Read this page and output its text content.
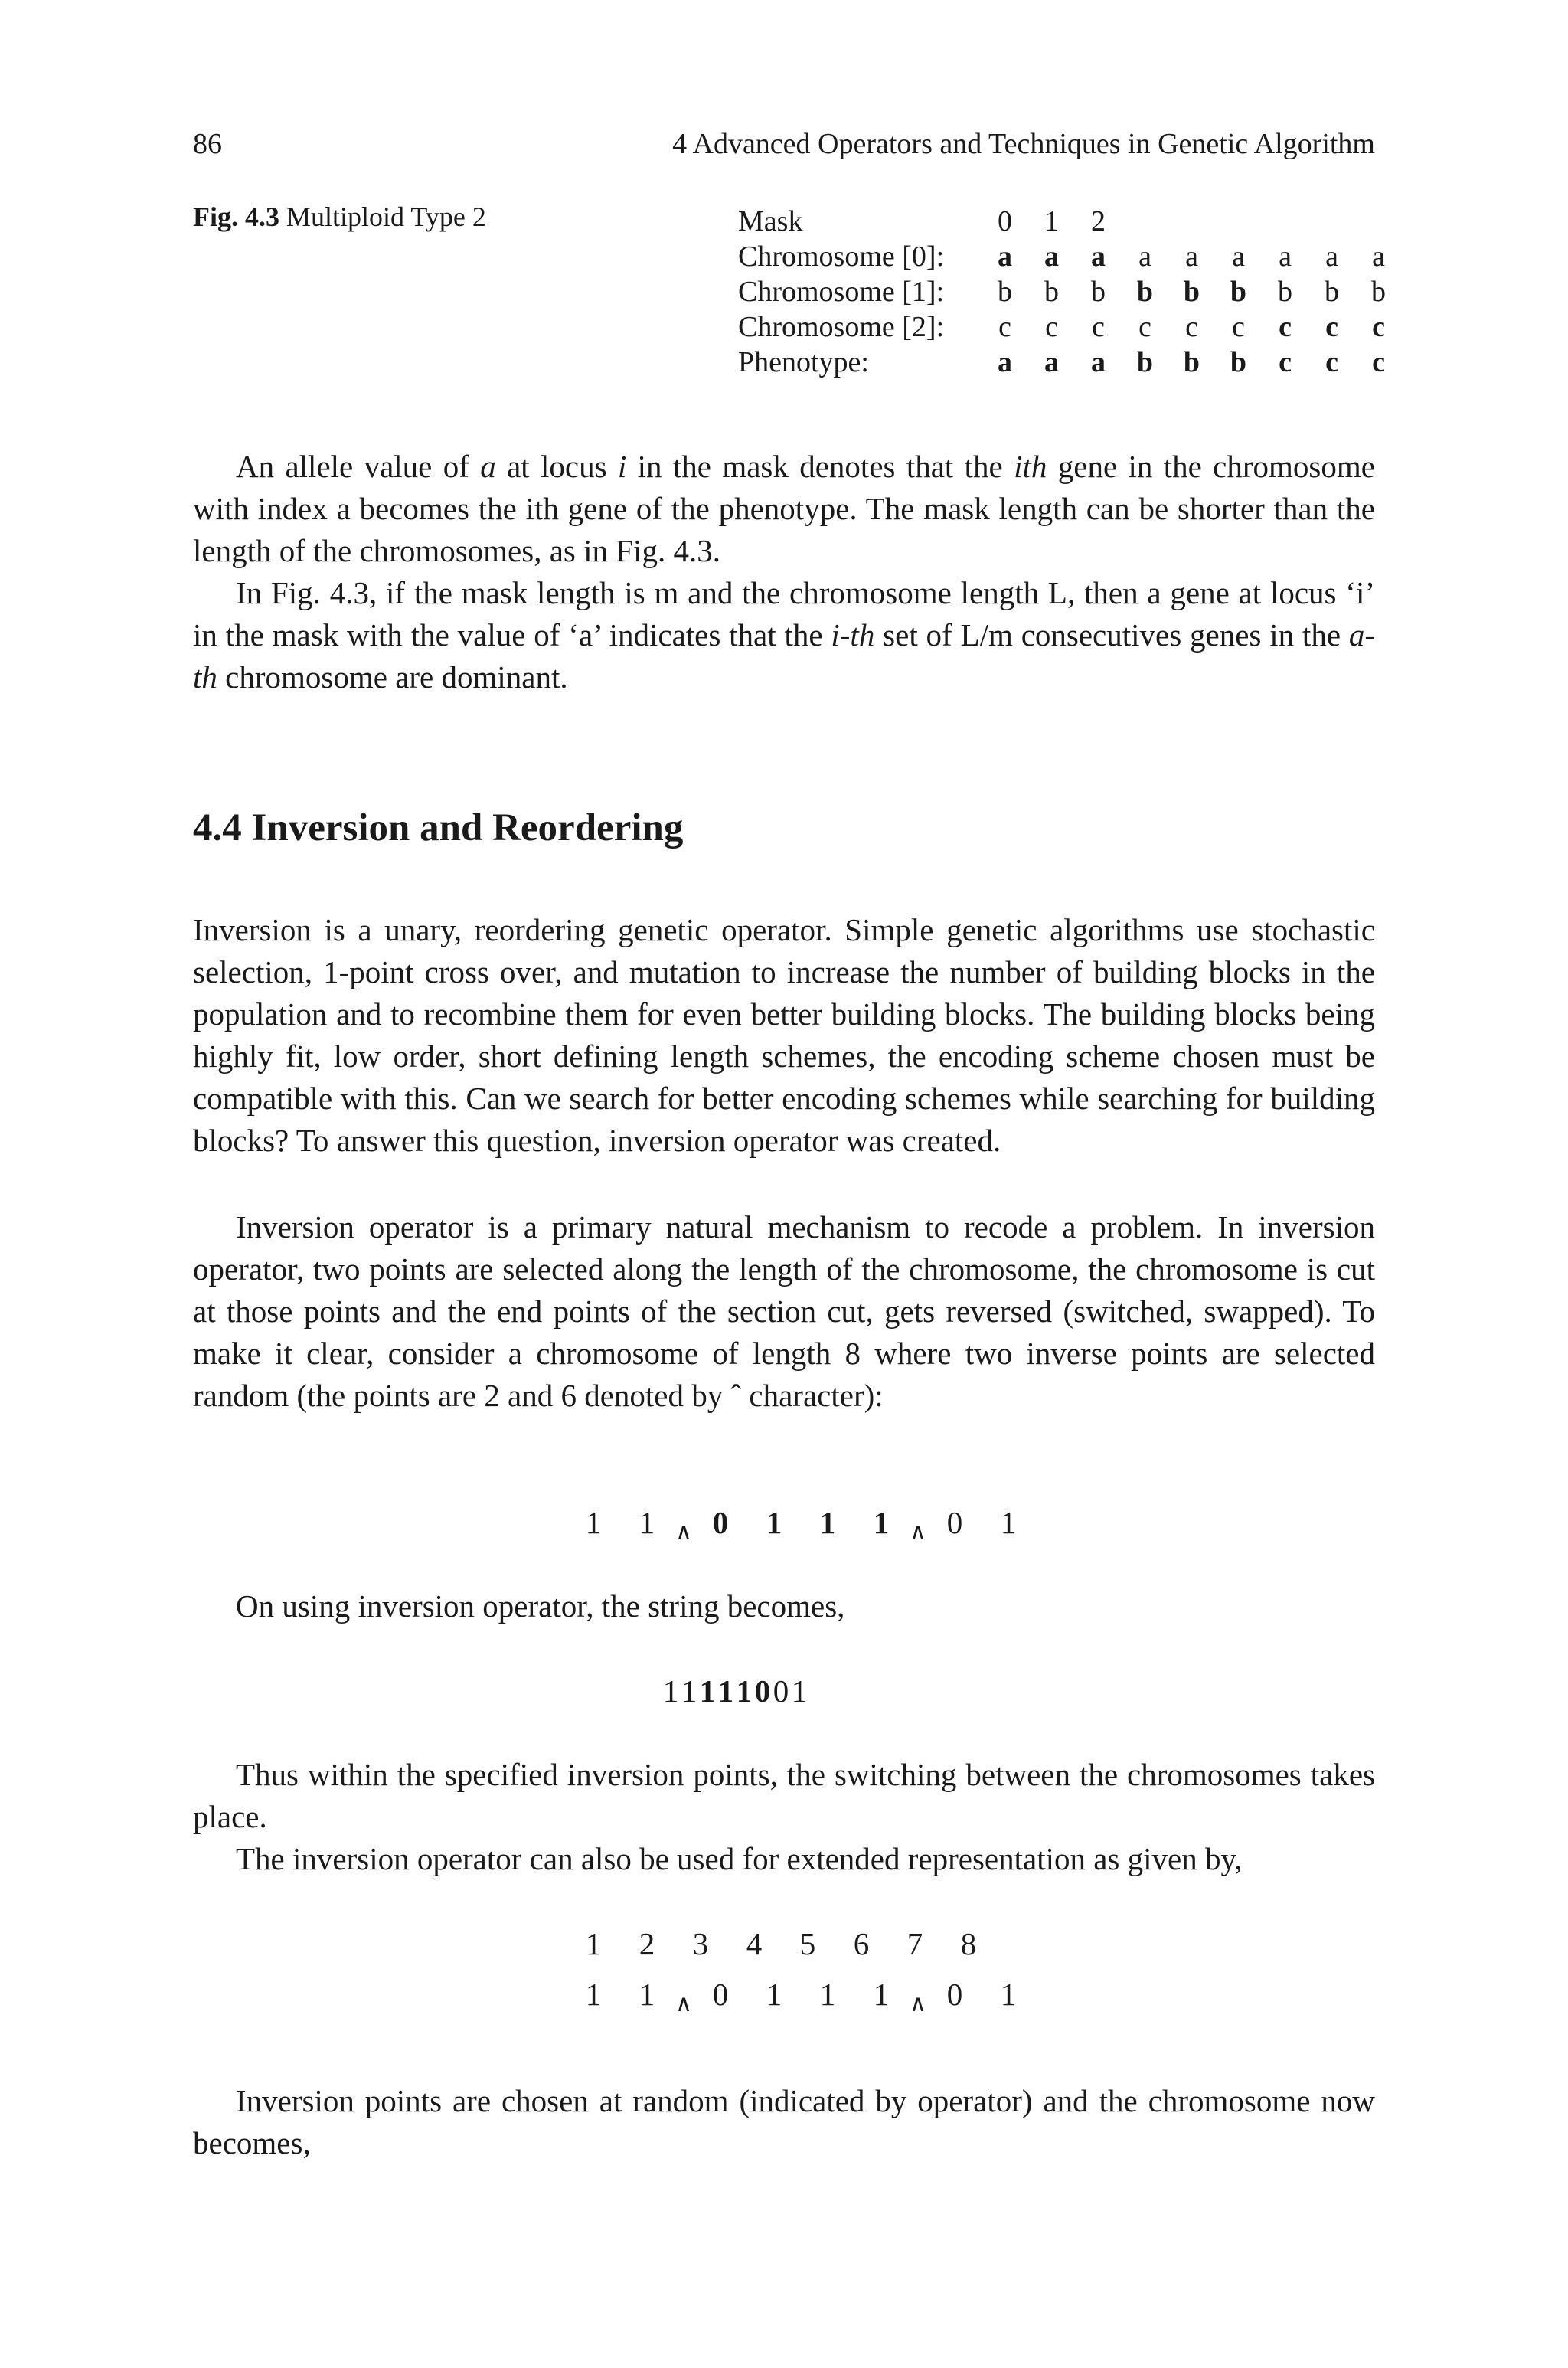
86	4 Advanced Operators and Techniques in Genetic Algorithm
Fig. 4.3 Multiploid Type 2	Mask	0	1	2						
Chromosome [0]:	a	a	a	a	a	a	a	a	a
Chromosome [1]:	b	b	b	b	b	b	b	b	b
Chromosome [2]:	c	c	c	c	c	c	c	c	c
Phenotype:	a	a	a	b	b	b	c	c	c

An allele value of a at locus i in the mask denotes that the ith gene in the chromosome with index a becomes the ith gene of the phenotype. The mask length can be shorter than the length of the chromosomes, as in Fig. 4.3.

In Fig. 4.3, if the mask length is m and the chromosome length L, then a gene at locus ‘i’ in the mask with the value of ‘a’ indicates that the i-th set of L/m consecutives genes in the a-th chromosome are dominant.

4.4 Inversion and Reordering

Inversion is a unary, reordering genetic operator. Simple genetic algorithms use stochastic selection, 1-point cross over, and mutation to increase the number of building blocks in the population and to recombine them for even better building blocks. The building blocks being highly fit, low order, short defining length schemes, the encoding scheme chosen must be compatible with this. Can we search for better encoding schemes while searching for building blocks? To answer this question, inversion operator was created.

Inversion operator is a primary natural mechanism to recode a problem. In inversion operator, two points are selected along the length of the chromosome, the chromosome is cut at those points and the end points of the section cut, gets reversed (switched, swapped). To make it clear, consider a chromosome of length 8 where two inverse points are selected random (the points are 2 and 6 denoted by ˆ character):

1 1 ∧ 0 1 1 1 ∧ 0 1

On using inversion operator, the string becomes,

11111001

Thus within the specified inversion points, the switching between the chromosomes takes place.

The inversion operator can also be used for extended representation as given by,

1 2 3 4 5 6 7 8
1 1 ∧ 0 1 1 1 ∧ 0 1

Inversion points are chosen at random (indicated by operator) and the chromosome now becomes,
